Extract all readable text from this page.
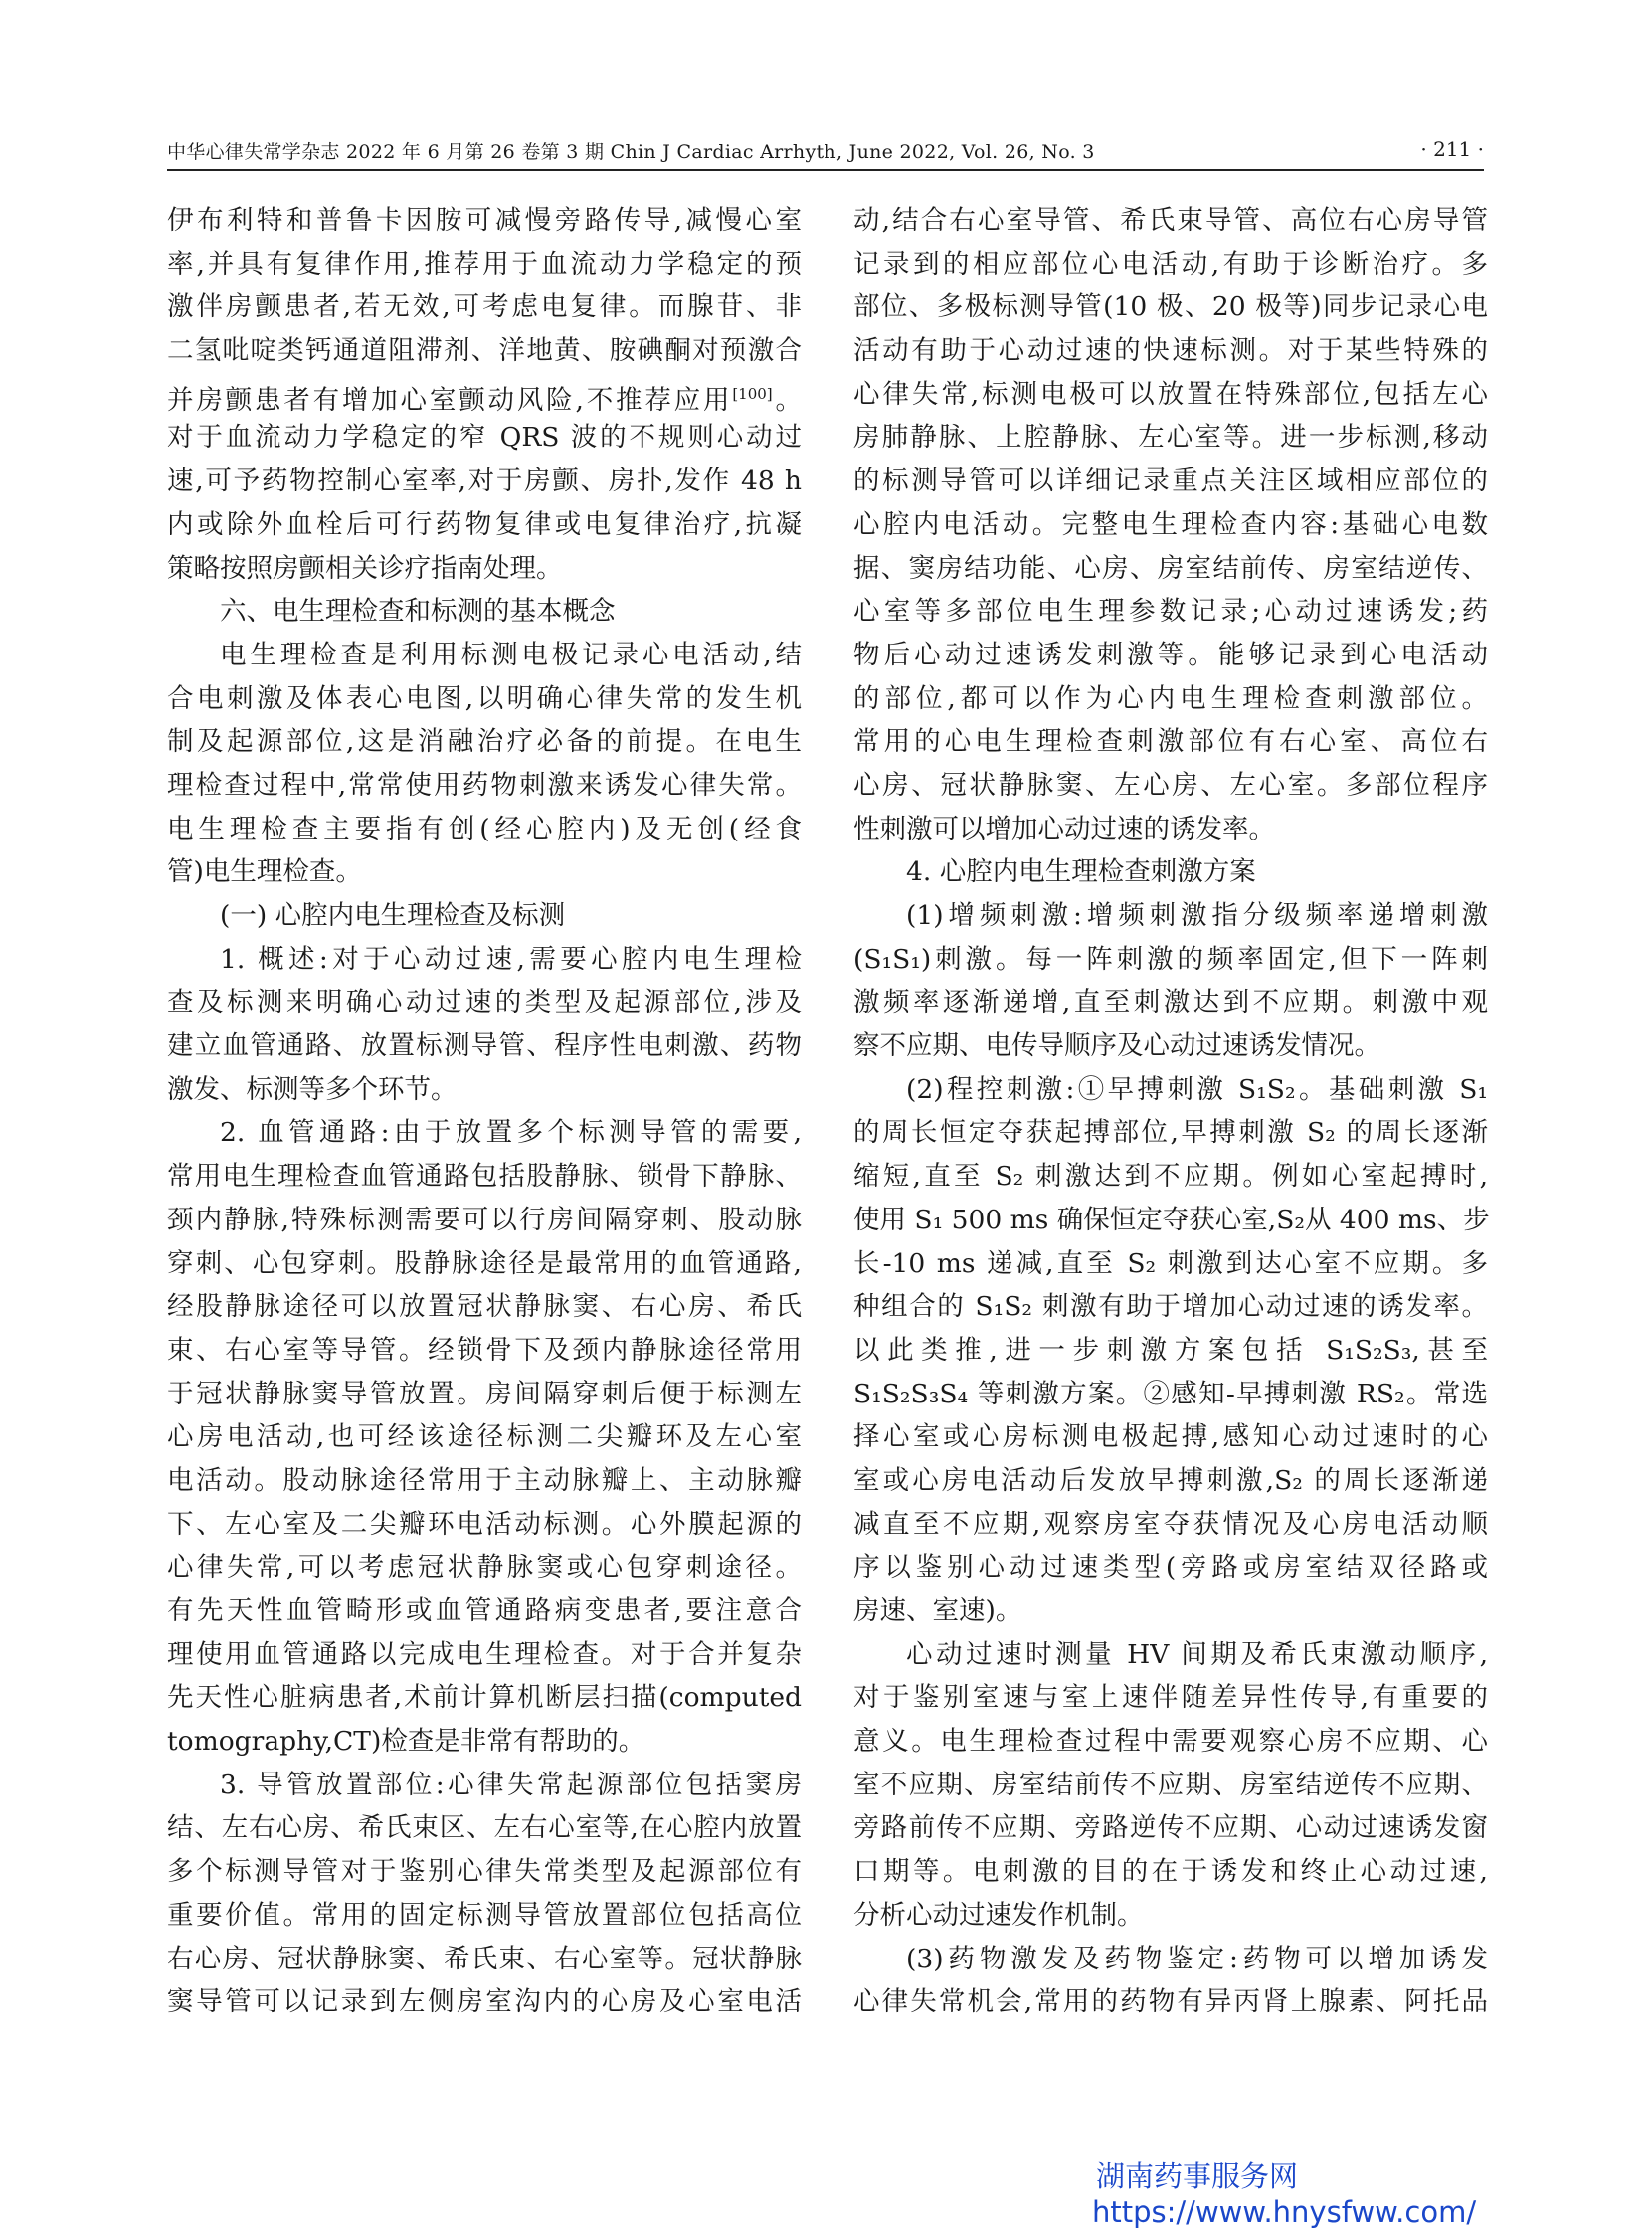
中华心律失常学杂志 2022 年 6 月第 26 卷第 3 期 Chin J Cardiac Arrhyth, June 2022, Vol. 26, No. 3	· 211 ·
伊布利特和普鲁卡因胺可减慢旁路传导,减慢心室
率,并具有复律作用,推荐用于血流动力学稳定的预
激伴房颤患者,若无效,可考虑电复律。而腺苷、非
二氢吡啶类钙通道阻滞剂、洋地黄、胺碘酮对预激合
并房颤患者有增加心室颤动风险,不推荐应用[100]。
对于血流动力学稳定的窄 QRS 波的不规则心动过
速,可予药物控制心室率,对于房颤、房扑,发作 48 h
内或除外血栓后可行药物复律或电复律治疗,抗凝
策略按照房颤相关诊疗指南处理。
六、电生理检查和标测的基本概念
电生理检查是利用标测电极记录心电活动,结
合电刺激及体表心电图,以明确心律失常的发生机
制及起源部位,这是消融治疗必备的前提。在电生
理检查过程中,常常使用药物刺激来诱发心律失常。
电生理检查主要指有创(经心腔内)及无创(经食
管)电生理检查。
(一) 心腔内电生理检查及标测
1. 概述:对于心动过速,需要心腔内电生理检
查及标测来明确心动过速的类型及起源部位,涉及
建立血管通路、放置标测导管、程序性电刺激、药物
激发、标测等多个环节。
2. 血管通路:由于放置多个标测导管的需要,
常用电生理检查血管通路包括股静脉、锁骨下静脉、
颈内静脉,特殊标测需要可以行房间隔穿刺、股动脉
穿刺、心包穿刺。股静脉途径是最常用的血管通路,
经股静脉途径可以放置冠状静脉窦、右心房、希氏
束、右心室等导管。经锁骨下及颈内静脉途径常用
于冠状静脉窦导管放置。房间隔穿刺后便于标测左
心房电活动,也可经该途径标测二尖瓣环及左心室
电活动。股动脉途径常用于主动脉瓣上、主动脉瓣
下、左心室及二尖瓣环电活动标测。心外膜起源的
心律失常,可以考虑冠状静脉窦或心包穿刺途径。
有先天性血管畸形或血管通路病变患者,要注意合
理使用血管通路以完成电生理检查。对于合并复杂
先天性心脏病患者,术前计算机断层扫描(computed
tomography,CT)检查是非常有帮助的。
3. 导管放置部位:心律失常起源部位包括窦房
结、左右心房、希氏束区、左右心室等,在心腔内放置
多个标测导管对于鉴别心律失常类型及起源部位有
重要价值。常用的固定标测导管放置部位包括高位
右心房、冠状静脉窦、希氏束、右心室等。冠状静脉
窦导管可以记录到左侧房室沟内的心房及心室电活
动,结合右心室导管、希氏束导管、高位右心房导管
记录到的相应部位心电活动,有助于诊断治疗。多
部位、多极标测导管(10 极、20 极等)同步记录心电
活动有助于心动过速的快速标测。对于某些特殊的
心律失常,标测电极可以放置在特殊部位,包括左心
房肺静脉、上腔静脉、左心室等。进一步标测,移动
的标测导管可以详细记录重点关注区域相应部位的
心腔内电活动。完整电生理检查内容:基础心电数
据、窦房结功能、心房、房室结前传、房室结逆传、
心室等多部位电生理参数记录;心动过速诱发;药
物后心动过速诱发刺激等。能够记录到心电活动
的部位,都可以作为心内电生理检查刺激部位。
常用的心电生理检查刺激部位有右心室、高位右
心房、冠状静脉窦、左心房、左心室。多部位程序
性刺激可以增加心动过速的诱发率。
4. 心腔内电生理检查刺激方案
(1)增频刺激:增频刺激指分级频率递增刺激
(S₁S₁)刺激。每一阵刺激的频率固定,但下一阵刺
激频率逐渐递增,直至刺激达到不应期。刺激中观
察不应期、电传导顺序及心动过速诱发情况。
(2)程控刺激:①早搏刺激 S₁S₂。基础刺激 S₁
的周长恒定夺获起搏部位,早搏刺激 S₂ 的周长逐渐
缩短,直至 S₂ 刺激达到不应期。例如心室起搏时,
使用 S₁ 500 ms 确保恒定夺获心室,S₂从 400 ms、步
长-10 ms 递减,直至 S₂ 刺激到达心室不应期。多
种组合的 S₁S₂ 刺激有助于增加心动过速的诱发率。
以此类推,进一步刺激方案包括 S₁S₂S₃,甚至
S₁S₂S₃S₄ 等刺激方案。②感知-早搏刺激 RS₂。常选
择心室或心房标测电极起搏,感知心动过速时的心
室或心房电活动后发放早搏刺激,S₂ 的周长逐渐递
减直至不应期,观察房室夺获情况及心房电活动顺
序以鉴别心动过速类型(旁路或房室结双径路或
房速、室速)。
心动过速时测量 HV 间期及希氏束激动顺序,
对于鉴别室速与室上速伴随差异性传导,有重要的
意义。电生理检查过程中需要观察心房不应期、心
室不应期、房室结前传不应期、房室结逆传不应期、
旁路前传不应期、旁路逆传不应期、心动过速诱发窗
口期等。电刺激的目的在于诱发和终止心动过速,
分析心动过速发作机制。
(3)药物激发及药物鉴定:药物可以增加诱发
心律失常机会,常用的药物有异丙肾上腺素、阿托品
湖南药事服务网
https://www.hnysfww.com/
